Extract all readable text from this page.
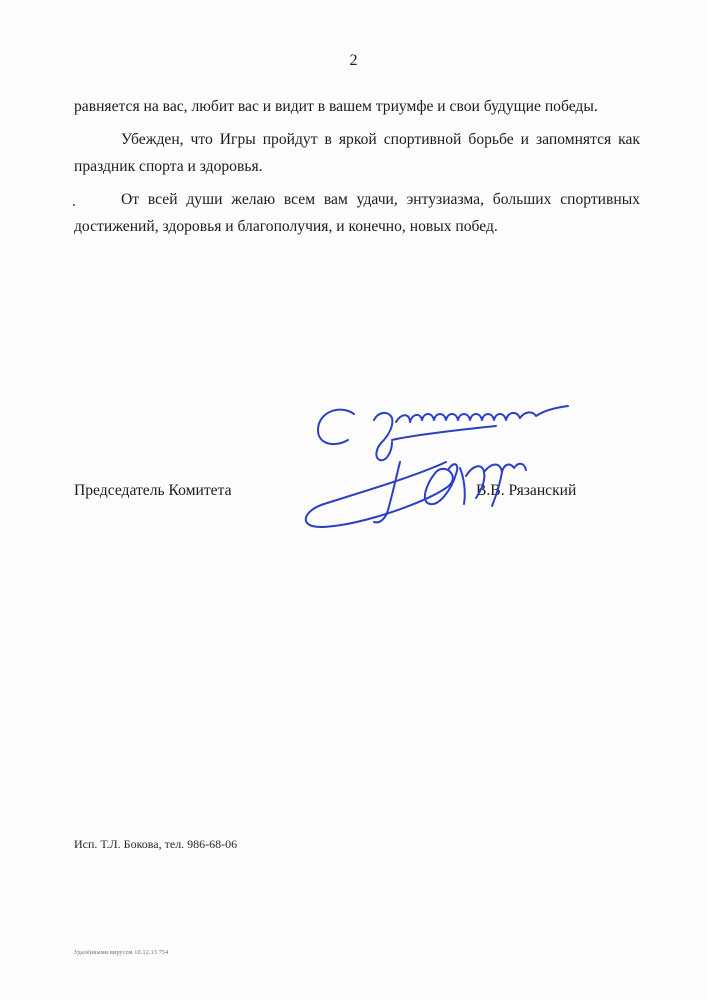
2

равняется на вас, любит вас и видит в вашем триумфе и свои будущие победы.

Убежден, что Игры пройдут в яркой спортивной борьбе и запомнятся как праздник спорта и здоровья.

От всей души желаю всем вам удачи, энтузиазма, больших спортивных достижений, здоровья и благополучия, и конечно, новых побед.

Председатель Комитета	В.В. Рязанский
Исп. Т.Л. Бокова, тел. 986-68-06
Удалёнными вирусом 10.12.13 754
